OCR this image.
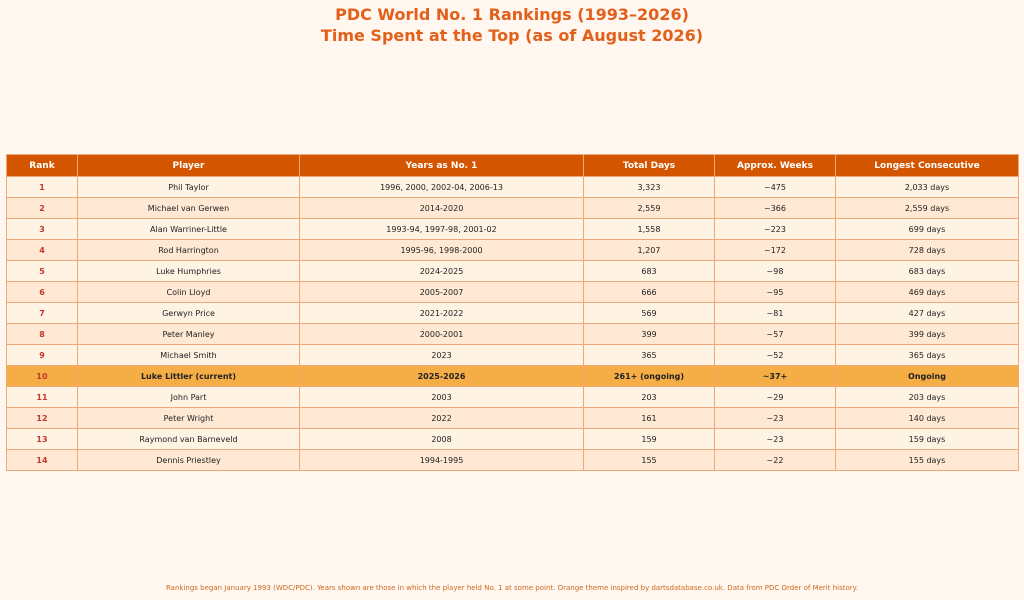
PDC World No. 1 Rankings (1993–2026)
Time Spent at the Top (as of August 2026)
Rank	Player	Years as No. 1	Total Days	Approx. Weeks	Longest Consecutive
1	Phil Taylor	1996, 2000, 2002-04, 2006-13	3,323	~475	2,033 days
2	Michael van Gerwen	2014-2020	2,559	~366	2,559 days
3	Alan Warriner-Little	1993-94, 1997-98, 2001-02	1,558	~223	699 days
4	Rod Harrington	1995-96, 1998-2000	1,207	~172	728 days
5	Luke Humphries	2024-2025	683	~98	683 days
6	Colin Lloyd	2005-2007	666	~95	469 days
7	Gerwyn Price	2021-2022	569	~81	427 days
8	Peter Manley	2000-2001	399	~57	399 days
9	Michael Smith	2023	365	~52	365 days
10	Luke Littler (current)	2025-2026	261+ (ongoing)	~37+	Ongoing
11	John Part	2003	203	~29	203 days
12	Peter Wright	2022	161	~23	140 days
13	Raymond van Barneveld	2008	159	~23	159 days
14	Dennis Priestley	1994-1995	155	~22	155 days
Rankings began January 1993 (WDC/PDC). Years shown are those in which the player held No. 1 at some point. Orange theme inspired by dartsdatabase.co.uk. Data from PDC Order of Merit history.
